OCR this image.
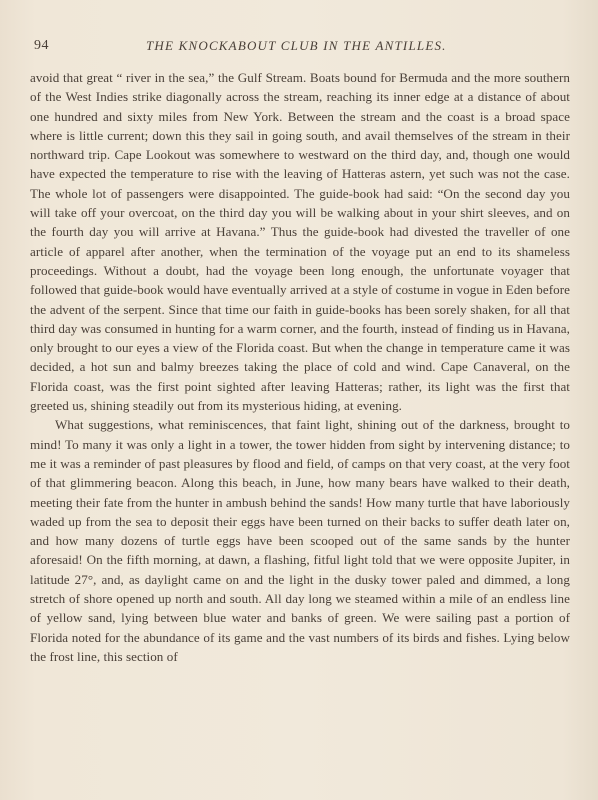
94	THE KNOCKABOUT CLUB IN THE ANTILLES.

avoid that great “ river in the sea,” the Gulf Stream. Boats bound for Bermuda and the more southern of the West Indies strike diagonally across the stream, reaching its inner edge at a distance of about one hundred and sixty miles from New York. Between the stream and the coast is a broad space where is little current; down this they sail in going south, and avail themselves of the stream in their northward trip. Cape Lookout was somewhere to westward on the third day, and, though one would have expected the temperature to rise with the leaving of Hatteras astern, yet such was not the case. The whole lot of passengers were disappointed. The guide-book had said: “On the second day you will take off your overcoat, on the third day you will be walking about in your shirt sleeves, and on the fourth day you will arrive at Havana.” Thus the guide-book had divested the traveller of one article of apparel after another, when the termination of the voyage put an end to its shameless proceedings. Without a doubt, had the voyage been long enough, the unfortunate voyager that followed that guide-book would have eventually arrived at a style of costume in vogue in Eden before the advent of the serpent. Since that time our faith in guide-books has been sorely shaken, for all that third day was consumed in hunting for a warm corner, and the fourth, instead of finding us in Havana, only brought to our eyes a view of the Florida coast. But when the change in temperature came it was decided, a hot sun and balmy breezes taking the place of cold and wind. Cape Canaveral, on the Florida coast, was the first point sighted after leaving Hatteras; rather, its light was the first that greeted us, shining steadily out from its mysterious hiding, at evening.

What suggestions, what reminiscences, that faint light, shining out of the darkness, brought to mind! To many it was only a light in a tower, the tower hidden from sight by intervening distance; to me it was a reminder of past pleasures by flood and field, of camps on that very coast, at the very foot of that glimmering beacon. Along this beach, in June, how many bears have walked to their death, meeting their fate from the hunter in ambush behind the sands! How many turtle that have laboriously waded up from the sea to deposit their eggs have been turned on their backs to suffer death later on, and how many dozens of turtle eggs have been scooped out of the same sands by the hunter aforesaid! On the fifth morning, at dawn, a flashing, fitful light told that we were opposite Jupiter, in latitude 27°, and, as daylight came on and the light in the dusky tower paled and dimmed, a long stretch of shore opened up north and south. All day long we steamed within a mile of an endless line of yellow sand, lying between blue water and banks of green. We were sailing past a portion of Florida noted for the abundance of its game and the vast numbers of its birds and fishes. Lying below the frost line, this section of
